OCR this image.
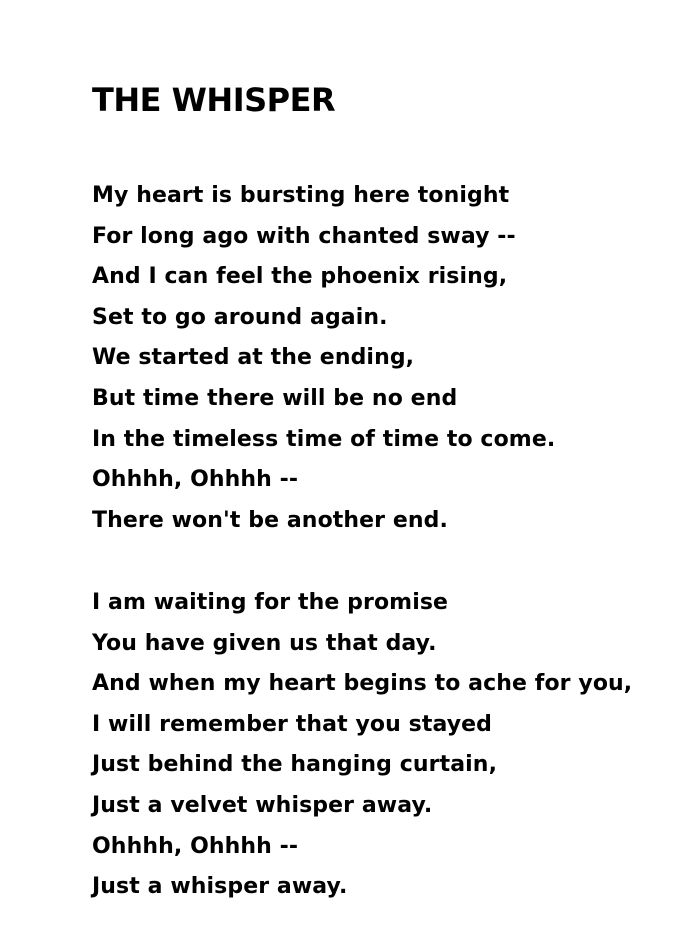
THE WHISPER
My heart is bursting here tonight
For long ago with chanted sway --
And I can feel the phoenix rising,
Set to go around again.
We started at the ending,
But time there will be no end
In the timeless time of time to come.
Ohhhh, Ohhhh --
There won't be another end.
I am waiting for the promise
You have given us that day.
And when my heart begins to ache for you,
I will remember that you stayed
Just behind the hanging curtain,
Just a velvet whisper away.
Ohhhh, Ohhhh --
Just a whisper away.
